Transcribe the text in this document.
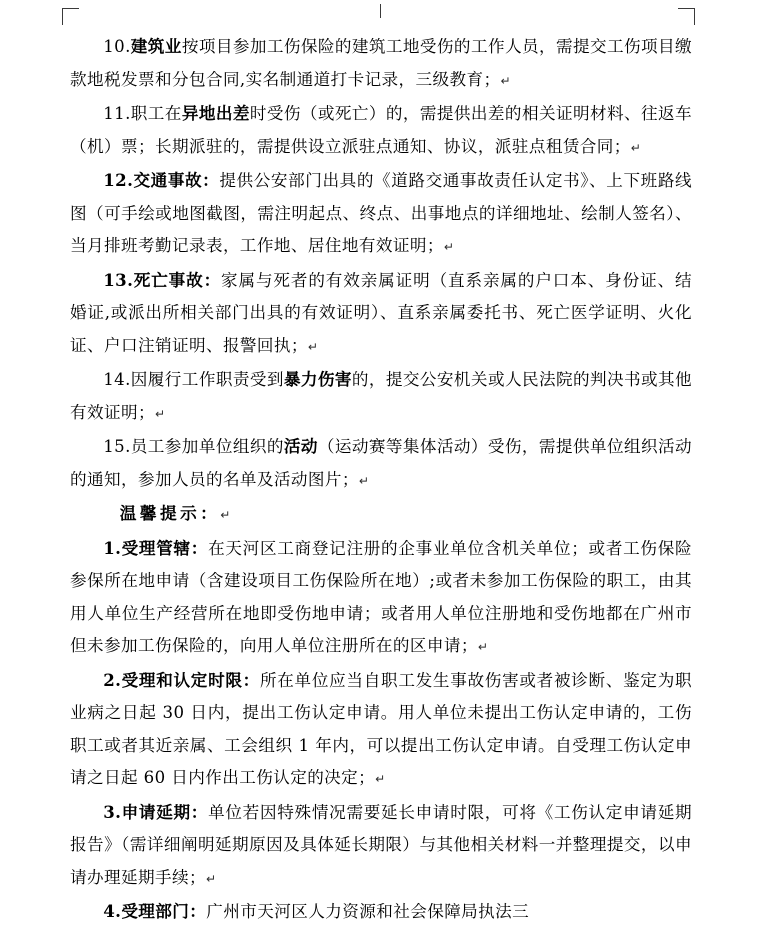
10.建筑业按项目参加工伤保险的建筑工地受伤的工作人员，需提交工伤项目缴款地税发票和分包合同,实名制通道打卡记录，三级教育；↵

11.职工在异地出差时受伤（或死亡）的，需提供出差的相关证明材料、往返车（机）票；长期派驻的，需提供设立派驻点通知、协议，派驻点租赁合同；↵

12.交通事故：提供公安部门出具的《道路交通事故责任认定书》、上下班路线图（可手绘或地图截图，需注明起点、终点、出事地点的详细地址、绘制人签名）、当月排班考勤记录表，工作地、居住地有效证明；↵

13.死亡事故：家属与死者的有效亲属证明（直系亲属的户口本、身份证、结婚证,或派出所相关部门出具的有效证明）、直系亲属委托书、死亡医学证明、火化证、户口注销证明、报警回执；↵

14.因履行工作职责受到暴力伤害的，提交公安机关或人民法院的判决书或其他有效证明；↵

15.员工参加单位组织的活动（运动赛等集体活动）受伤，需提供单位组织活动的通知，参加人员的名单及活动图片；↵

温馨提示：↵

1.受理管辖：在天河区工商登记注册的企事业单位含机关单位；或者工伤保险参保所在地申请（含建设项目工伤保险所在地）;或者未参加工伤保险的职工，由其用人单位生产经营所在地即受伤地申请；或者用人单位注册地和受伤地都在广州市但未参加工伤保险的，向用人单位注册所在的区申请；↵

2.受理和认定时限：所在单位应当自职工发生事故伤害或者被诊断、鉴定为职业病之日起 30 日内，提出工伤认定申请。用人单位未提出工伤认定申请的，工伤职工或者其近亲属、工会组织 1 年内，可以提出工伤认定申请。自受理工伤认定申请之日起 60 日内作出工伤认定的决定；↵

3.申请延期：单位若因特殊情况需要延长申请时限，可将《工伤认定申请延期报告》（需详细阐明延期原因及具体延长期限）与其他相关材料一并整理提交，以申请办理延期手续；↵

4.受理部门：广州市天河区人力资源和社会保障局执法三
